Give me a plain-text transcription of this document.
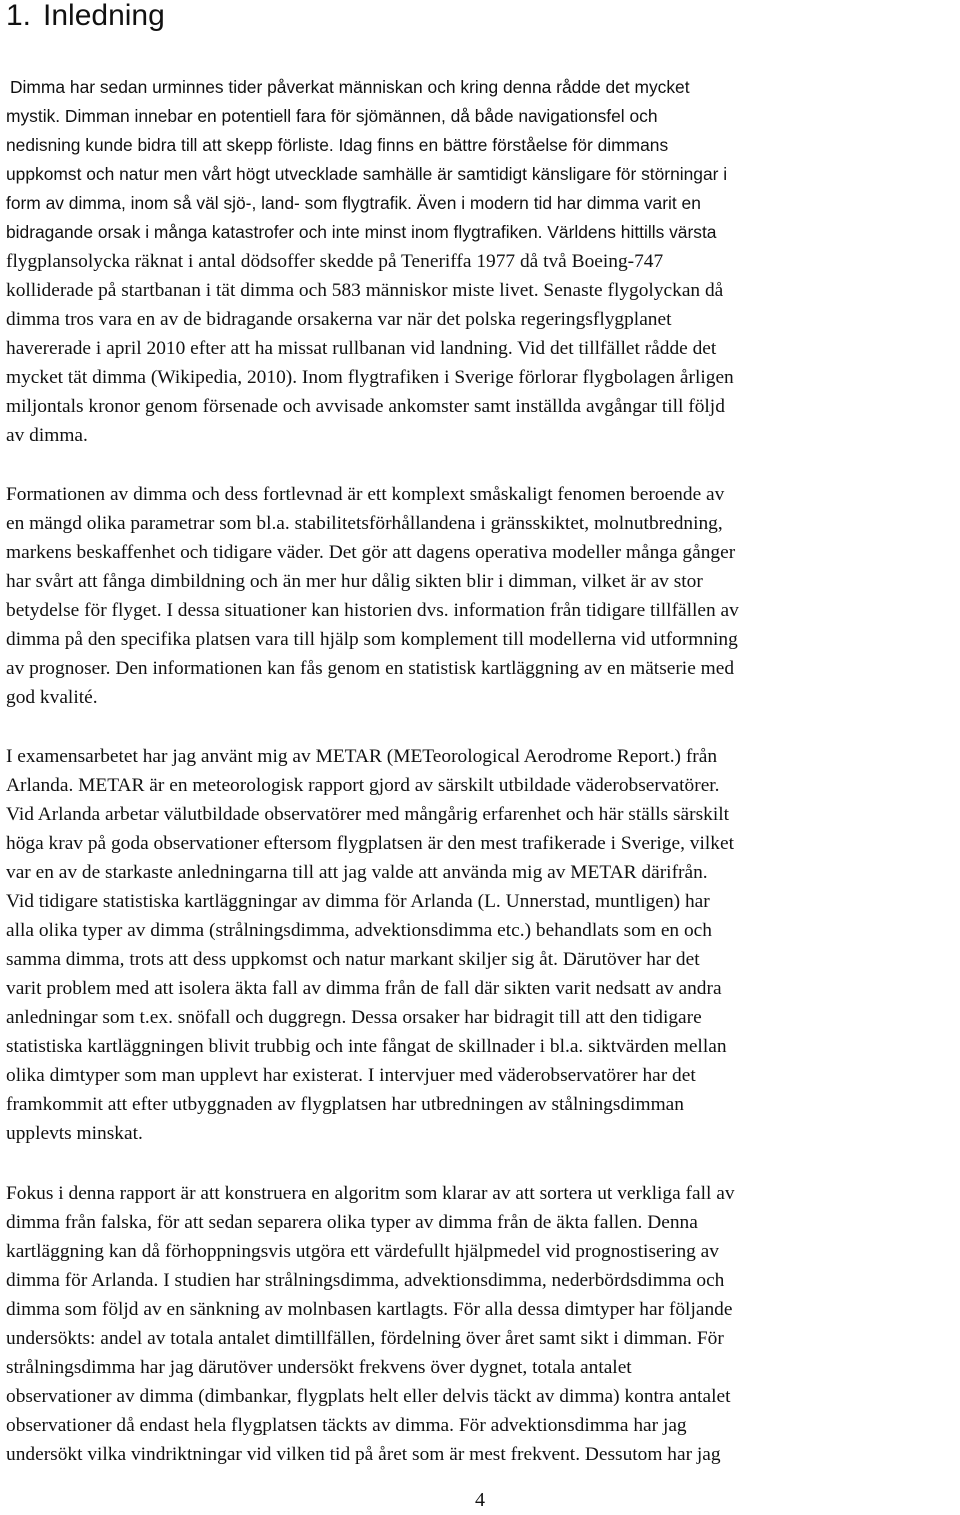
1. Inledning
Dimma har sedan urminnes tider påverkat människan och kring denna rådde det mycket
mystik. Dimman innebar en potentiell fara för sjömännen, då både navigationsfel och
nedisning kunde bidra till att skepp förliste. Idag finns en bättre förståelse för dimmans
uppkomst och natur men vårt högt utvecklade samhälle är samtidigt känsligare för störningar i
form av dimma, inom så väl sjö-, land- som flygtrafik. Även i modern tid har dimma varit en
bidragande orsak i många katastrofer och inte minst inom flygtrafiken. Världens hittills värsta
flygplansolycka räknat i antal dödsoffer skedde på Teneriffa 1977 då två Boeing-747
kolliderade på startbanan i tät dimma och 583 människor miste livet. Senaste flygolyckan då
dimma tros vara en av de bidragande orsakerna var när det polska regeringsflygplanet
havererade i april 2010 efter att ha missat rullbanan vid landning. Vid det tillfället rådde det
mycket tät dimma (Wikipedia, 2010). Inom flygtrafiken i Sverige förlorar flygbolagen årligen
miljontals kronor genom försenade och avvisade ankomster samt inställda avgångar till följd
av dimma.
Formationen av dimma och dess fortlevnad är ett komplext småskaligt fenomen beroende av
en mängd olika parametrar som bl.a. stabilitetsförhållandena i gränsskiktet, molnutbredning,
markens beskaffenhet och tidigare väder. Det gör att dagens operativa modeller många gånger
har svårt att fånga dimbildning och än mer hur dålig sikten blir i dimman, vilket är av stor
betydelse för flyget. I dessa situationer kan historien dvs. information från tidigare tillfällen av
dimma på den specifika platsen vara till hjälp som komplement till modellerna vid utformning
av prognoser. Den informationen kan fås genom en statistisk kartläggning av en mätserie med
god kvalité.
I examensarbetet har jag använt mig av METAR (METeorological Aerodrome Report.) från
Arlanda. METAR är en meteorologisk rapport gjord av särskilt utbildade väderobservatörer.
Vid Arlanda arbetar välutbildade observatörer med mångårig erfarenhet och här ställs särskilt
höga krav på goda observationer eftersom flygplatsen är den mest trafikerade i Sverige, vilket
var en av de starkaste anledningarna till att jag valde att använda mig av METAR därifrån.
Vid tidigare statistiska kartläggningar av dimma för Arlanda (L. Unnerstad, muntligen) har
alla olika typer av dimma (strålningsdimma, advektionsdimma etc.) behandlats som en och
samma dimma, trots att dess uppkomst och natur markant skiljer sig åt. Därutöver har det
varit problem med att isolera äkta fall av dimma från de fall där sikten varit nedsatt av andra
anledningar som t.ex. snöfall och duggregn. Dessa orsaker har bidragit till att den tidigare
statistiska kartläggningen blivit trubbig och inte fångat de skillnader i bl.a. siktvärden mellan
olika dimtyper som man upplevt har existerat. I intervjuer med väderobservatörer har det
framkommit att efter utbyggnaden av flygplatsen har utbredningen av stålningsdimman
upplevts minskat.
Fokus i denna rapport är att konstruera en algoritm som klarar av att sortera ut verkliga fall av
dimma från falska, för att sedan separera olika typer av dimma från de äkta fallen. Denna
kartläggning kan då förhoppningsvis utgöra ett värdefullt hjälpmedel vid prognostisering av
dimma för Arlanda. I studien har strålningsdimma, advektionsdimma, nederbördsdimma och
dimma som följd av en sänkning av molnbasen kartlagts. För alla dessa dimtyper har följande
undersökts: andel av totala antalet dimtillfällen, fördelning över året samt sikt i dimman. För
strålningsdimma har jag därutöver undersökt frekvens över dygnet, totala antalet
observationer av dimma (dimbankar, flygplats helt eller delvis täckt av dimma) kontra antalet
observationer då endast hela flygplatsen täckts av dimma. För advektionsdimma har jag
undersökt vilka vindriktningar vid vilken tid på året som är mest frekvent. Dessutom har jag

4
